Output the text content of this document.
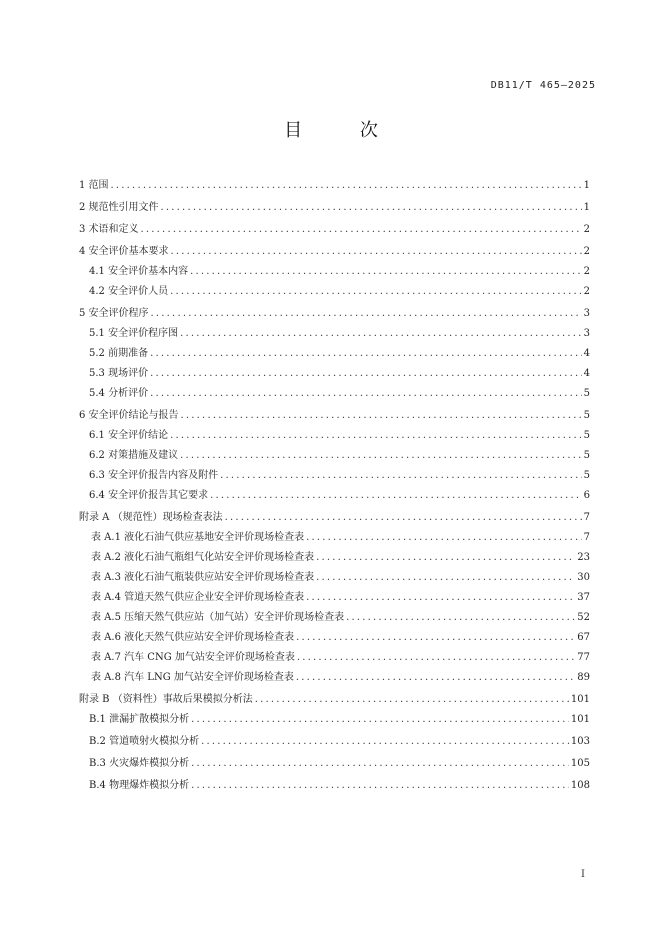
DB11/T 465—2025
目 次
1 范围 .....	1
2 规范性引用文件 .....	1
3 术语和定义 .....	2
4 安全评价基本要求 .....	2
4.1 安全评价基本内容 .....	2
4.2 安全评价人员 .....	2
5 安全评价程序 .....	3
5.1 安全评价程序图 .....	3
5.2 前期准备 .....	4
5.3 现场评价 .....	4
5.4 分析评价 .....	5
6 安全评价结论与报告 .....	5
6.1 安全评价结论 .....	5
6.2 对策措施及建议 .....	5
6.3 安全评价报告内容及附件 .....	5
6.4 安全评价报告其它要求 .....	6
附录 A （规范性）现场检查表法 .....	7
表 A.1 液化石油气供应基地安全评价现场检查表 .....	7
表 A.2 液化石油气瓶组气化站安全评价现场检查表 .....	23
表 A.3 液化石油气瓶装供应站安全评价现场检查表 .....	30
表 A.4 管道天然气供应企业安全评价现场检查表 .....	37
表 A.5 压缩天然气供应站（加气站）安全评价现场检查表 .....	52
表 A.6 液化天然气供应站安全评价现场检查表 .....	67
表 A.7 汽车 CNG 加气站安全评价现场检查表 .....	77
表 A.8 汽车 LNG 加气站安全评价现场检查表 .....	89
附录 B （资料性）事故后果模拟分析法 .....	101
B.1 泄漏扩散模拟分析 .....	101
B.2 管道喷射火模拟分析 .....	103
B.3 火灾爆炸模拟分析 .....	105
B.4 物理爆炸模拟分析 .....	108
I
